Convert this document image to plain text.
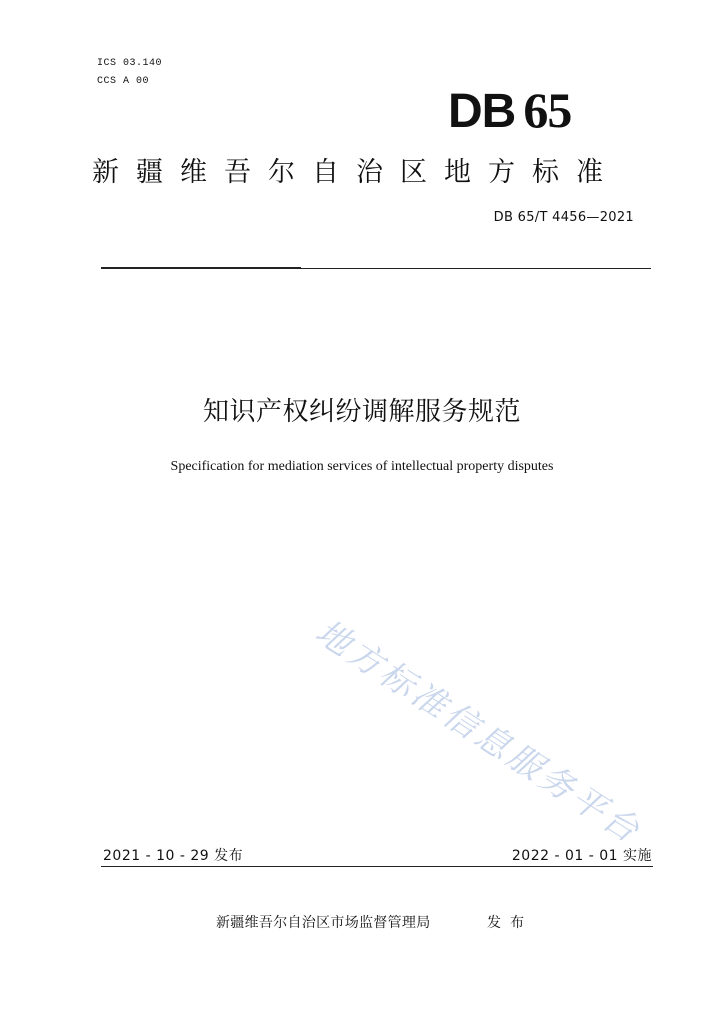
ICS 03.140
CCS A 00
DB 65
新疆维吾尔自治区地方标准
DB 65/T 4456—2021
知识产权纠纷调解服务规范
Specification for mediation services of intellectual property disputes
地方标准信息服务平台
2021 - 10 - 29 发布	2022 - 01 - 01 实施
新疆维吾尔自治区市场监督管理局	发布
